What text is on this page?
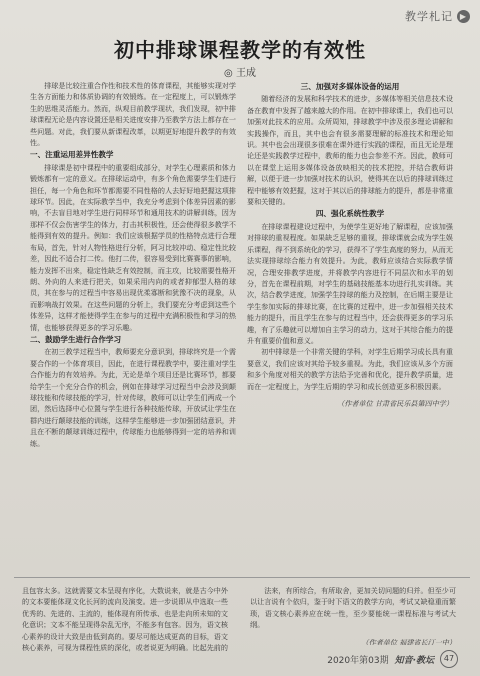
教学札记 ▶
初中排球课程教学的有效性
◎ 王成

排球是比较注重合作性和技术性的体育课程，其能够实现对学生各方面能力和体质协调的有效锻炼。在一定程度上，可以锻炼学生的思维灵活能力。然而，纵观目前教学现状，我们发现，初中排球课程无论是内容设置还是相关进度安排乃至教学方法上都存在一些问题。对此，我们要从新课程改革，以期更好地提升教学的有效性。

一、注重运用差异性教学

排球课是初中课程中的重要组成部分，对学生心理素质和体力锻炼都有一定的意义。在排球运动中，有多个角色需要学生们进行担任，每一个角色和环节都需要不同性格的人去好好地把握这项排球环节。因此，在实际教学当中，我充分考虑到个体差异因素的影响，不去盲目地对学生进行同样环节和通用技术的讲解训练，因为那样不仅会伤害学生的体力，打击其积极性，还会使得很多教学不能得到有效的提升。例如：我们应该根据学员的性格特点进行合理布局，首先，针对人物性格进行分析，阿习比较冲动、稳定性比较差，因此不适合打二传。他打二传，很容易受到比赛赛事的影响，能力发挥不出来，稳定性缺乏有效控制，而主攻，比较需要性格开朗、外向的人来进行把关，如果采用内向的或者抑郁型人格的球员，其在参与的过程当中容易出现优柔寡断和犹豫不决的现象，从而影响战打效果。在这些问题的分析上，我们要充分考虑到这些个体差异，这样才能使得学生在参与的过程中充满积极性和学习的热情，也能够获得更多的学习乐趣。

二、鼓励学生进行合作学习

在初三教学过程当中，教师要充分意识到，排球终究是一个需要合作的一个体育项目，因此，在进行课程教学中，要注重对学生合作能力的有效培养。为此，无论是单个项目还是比赛环节，都要给学生一个充分合作的机会，例如在排球学习过程当中会涉及到颠球技能和传球技能的学习，针对传球，教师可以让学生们两成一个团，然后选择中心位置与学生进行各种技能传球，开放试让学生在群内进行颠球技能的训练，这样学生能够进一步加强团结意识，并且在不断的颠球训练过程中，传球能力也能够得到一定的培养和训练。

三、加强对多媒体设备的运用

随着经济的发展和科学技术的进步，多媒体等相关信息技术设备在教育中发挥了越来越大的作用。在初中排球课上，我们也可以加强对此技术的应用。众所周知，排球教学中涉及很多理论讲解和实践操作，而且，其中也会有很多需要理解的标准技术和理论知识。其中也会出现很多很难在课外进行实践的课程，而且无论是理论还是实践教学过程中，教师的能力也会参差不齐。因此，教师可以在课堂上运用多媒体设备放映相关的技术把控，并结合教师讲解，以便于进一步加强对技术的认识，使得其在以后的排球训练过程中能够有效把握，这对于其以后的排球能力的提升，都是非常重要和关键的。

四、强化系统性教学

在排球课程建设过程中，为使学生更好地了解课程，应该加强对排球的重视程度。如果缺乏足够的重视，排球课就会成为学生娱乐课程，得不到系统化的学习，获得不了学生高度的努力，从而无法实现排球综合能力有效提升。为此，教师应该结合实际教学情况，合理安排教学进度，并将教学内容进行不同层次和水平的划分，首先在课程前期，对学生的基础技能基本功进行扎实训练。其次，结合教学进度，加强学生持球的能力及控制，在后期主要是让学生参加实际的排球比赛，在比赛的过程中，进一步加强相关技术能力的提升，而且学生在参与的过程当中，还会获得更多的学习乐趣，有了乐趣就可以增加自主学习的动力，这对于其综合能力的提升有重要价值和意义。

初中排球是一个非常关键的学科，对学生后期学习成长具有重要意义，我们应该对其给予较多重视。为此，我们应该从多个方面和多个角度对相关的教学方法给予完善和优化，提升教学质量，进而在一定程度上，为学生后期的学习和成长创造更多积极因素。

（作者单位 甘肃省民乐县第四中学）

且包容太多。这就需要文本呈现有序化，大数说来，就是古今中外的文本要能体现文化长河的流向及演变。进一步说即从中选取一些优秀的、先进的、主流的，能体现有所传承、也是走向所未知的文化意识；文本不能呈现得杂乱无序，不能多有包容。因为，语文核心素养的设计大致是由低到高的。要尽可能达成更高的目标，语文核心素养，可视为课程性质的深化，或者说更为明确。比起先前的

法来，有所综合，有所取舍，更加关切问题的归并。但至少可以让言说有个依归，鉴于时下语文的教学方向，考试又缺稳重而繁琐，语文核心素养应在统一性，至少要能统一课程标准与考试大纲。

（作者单位 福建省长汀一中）

2020年第03期 知音·教坛	47
